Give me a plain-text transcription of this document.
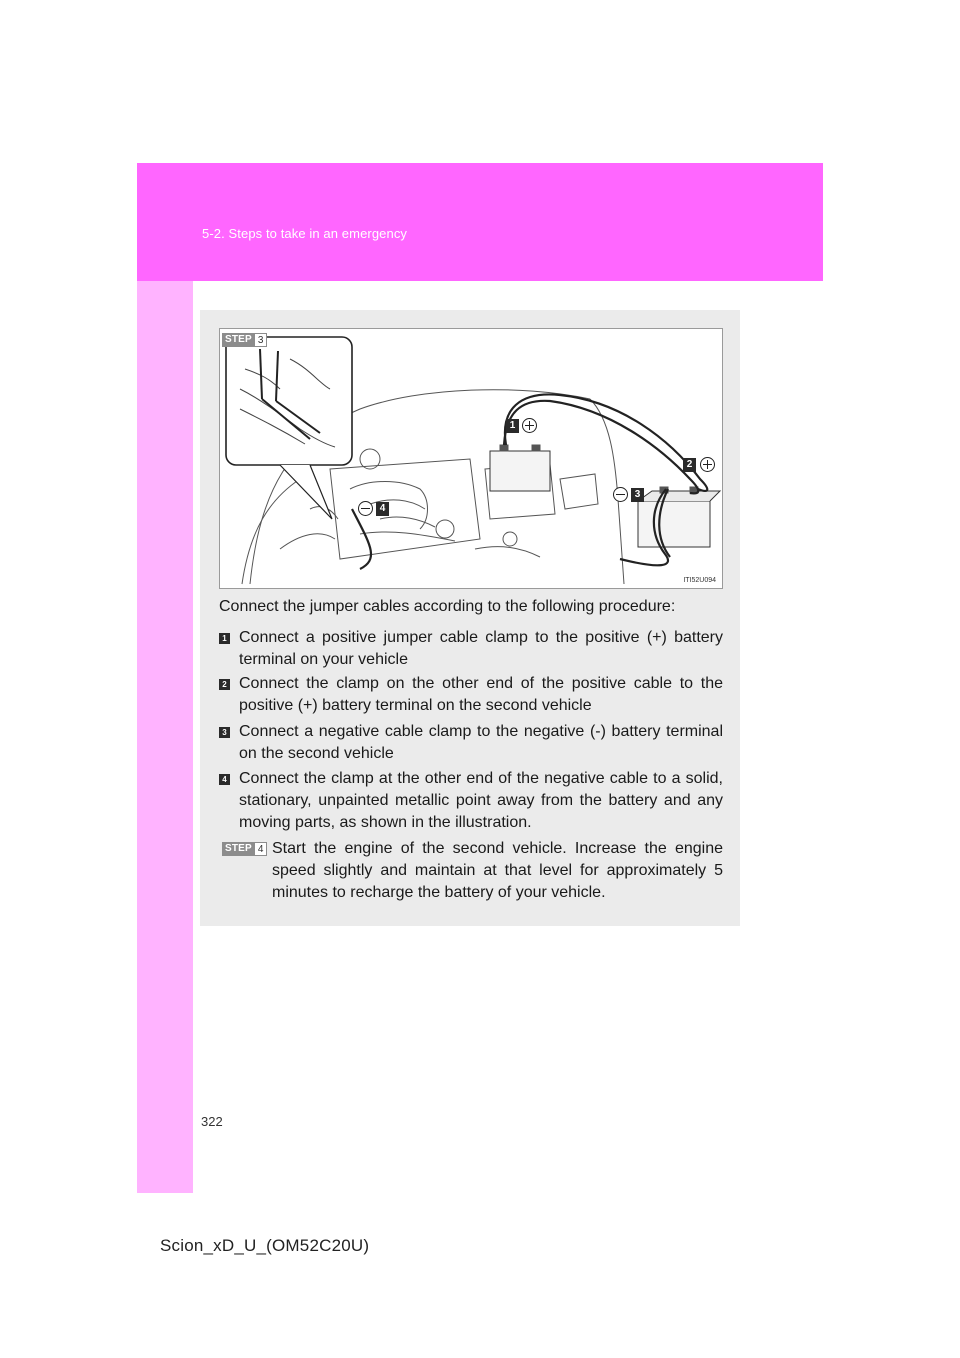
5-2. Steps to take in an emergency
STEP 3
1
2
3
4
ITI52U094
Connect the jumper cables according to the following procedure:
1 Connect a positive jumper cable clamp to the positive (+) battery terminal on your vehicle
2 Connect the clamp on the other end of the positive cable to the positive (+) battery terminal on the second vehicle
3 Connect a negative cable clamp to the negative (-) battery terminal on the second vehicle
4 Connect the clamp at the other end of the negative cable to a solid, stationary, unpainted metallic point away from the battery and any moving parts, as shown in the illustration.
STEP 4 Start the engine of the second vehicle. Increase the engine speed slightly and maintain at that level for approximately 5 minutes to recharge the battery of your vehicle.
322
Scion_xD_U_(OM52C20U)
